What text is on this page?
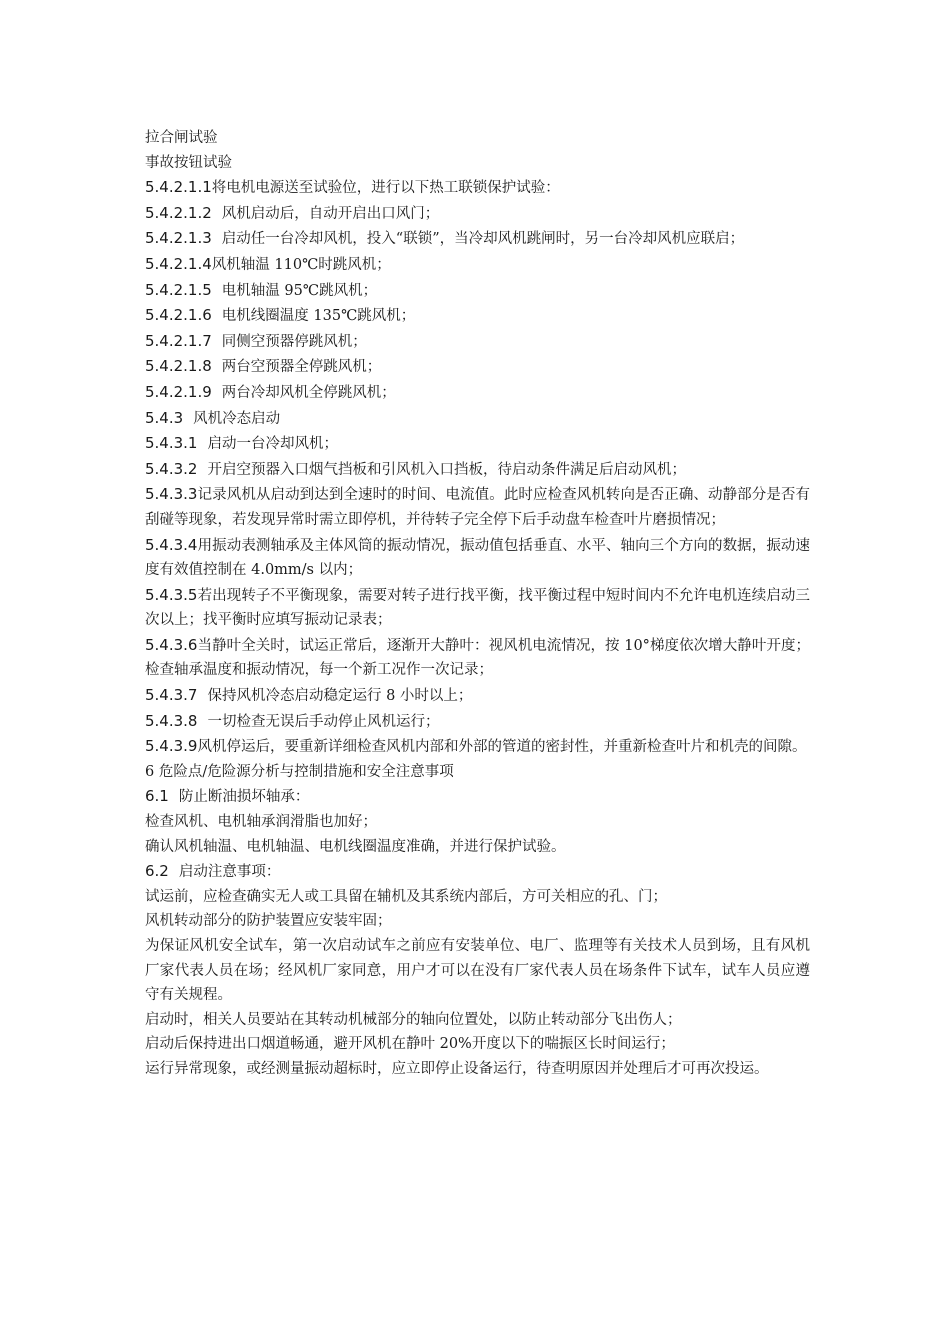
拉合闸试验

事故按钮试验

5.4.2.1.1将电机电源送至试验位，进行以下热工联锁保护试验：

5.4.2.1.2 风机启动后，自动开启出口风门；

5.4.2.1.3 启动任一台冷却风机，投入“联锁”，当冷却风机跳闸时，另一台冷却风机应联启；

5.4.2.1.4风机轴温 110℃时跳风机；

5.4.2.1.5 电机轴温 95℃跳风机；

5.4.2.1.6 电机线圈温度 135℃跳风机；

5.4.2.1.7 同侧空预器停跳风机；

5.4.2.1.8 两台空预器全停跳风机；

5.4.2.1.9 两台冷却风机全停跳风机；

5.4.3 风机冷态启动

5.4.3.1 启动一台冷却风机；

5.4.3.2 开启空预器入口烟气挡板和引风机入口挡板，待启动条件满足后启动风机；

5.4.3.3记录风机从启动到达到全速时的时间、电流值。此时应检查风机转向是否正确、动静部分是否有刮碰等现象，若发现异常时需立即停机，并待转子完全停下后手动盘车检查叶片磨损情况；

5.4.3.4用振动表测轴承及主体风筒的振动情况，振动值包括垂直、水平、轴向三个方向的数据，振动速度有效值控制在 4.0mm/s 以内；

5.4.3.5若出现转子不平衡现象，需要对转子进行找平衡，找平衡过程中短时间内不允许电机连续启动三次以上；找平衡时应填写振动记录表；

5.4.3.6当静叶全关时，试运正常后，逐渐开大静叶：视风机电流情况，按 10°梯度依次增大静叶开度；检查轴承温度和振动情况，每一个新工况作一次记录；

5.4.3.7 保持风机冷态启动稳定运行 8 小时以上；

5.4.3.8 一切检查无误后手动停止风机运行；

5.4.3.9风机停运后，要重新详细检查风机内部和外部的管道的密封性，并重新检查叶片和机壳的间隙。

6 危险点/危险源分析与控制措施和安全注意事项

6.1 防止断油损坏轴承：

检查风机、电机轴承润滑脂也加好；

确认风机轴温、电机轴温、电机线圈温度准确，并进行保护试验。

6.2 启动注意事项：

试运前，应检查确实无人或工具留在辅机及其系统内部后，方可关相应的孔、门；

风机转动部分的防护装置应安装牢固；

为保证风机安全试车，第一次启动试车之前应有安装单位、电厂、监理等有关技术人员到场，且有风机厂家代表人员在场；经风机厂家同意，用户才可以在没有厂家代表人员在场条件下试车，试车人员应遵守有关规程。

启动时，相关人员要站在其转动机械部分的轴向位置处，以防止转动部分飞出伤人；

启动后保持进出口烟道畅通，避开风机在静叶 20%开度以下的喘振区长时间运行；

运行异常现象，或经测量振动超标时，应立即停止设备运行，待查明原因并处理后才可再次投运。
